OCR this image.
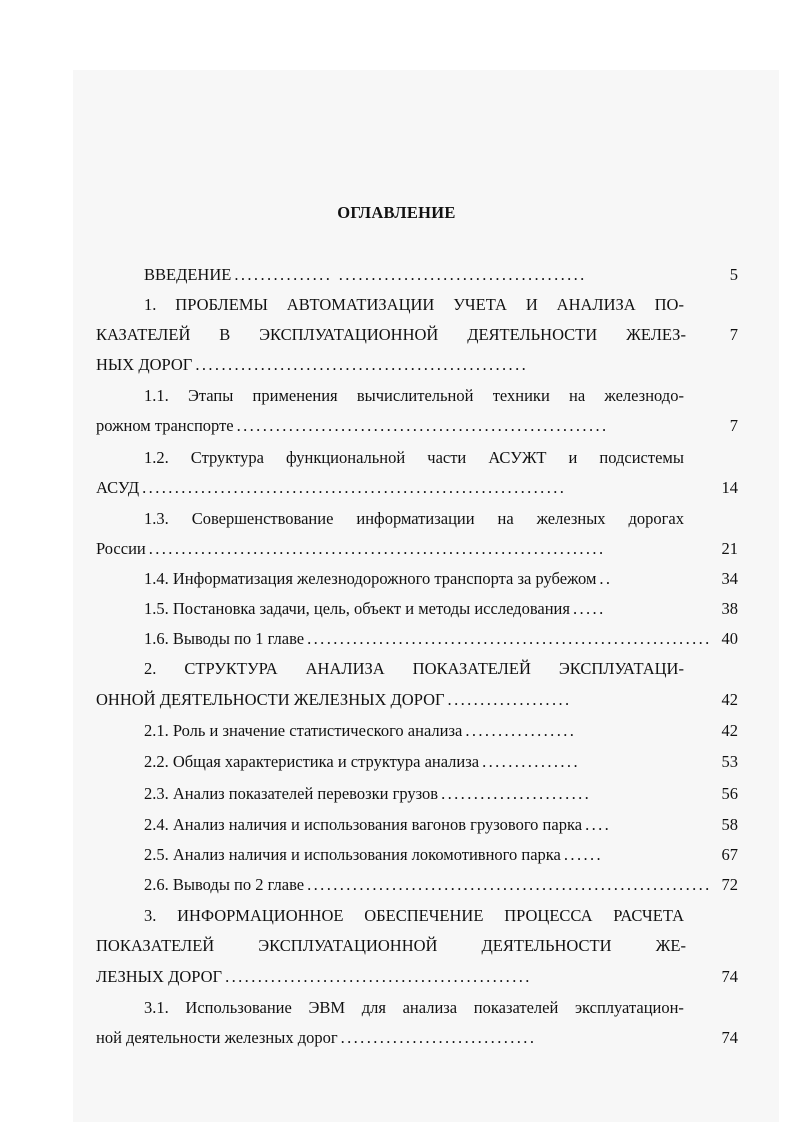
ОГЛАВЛЕНИЕ
ВВЕДЕНИЕ ............... ......................................	5
1. ПРОБЛЕМЫ АВТОМАТИЗАЦИИ УЧЕТА И АНАЛИЗА ПО-
КАЗАТЕЛЕЙ В ЭКСПЛУАТАЦИОННОЙ ДЕЯТЕЛЬНОСТИ ЖЕЛЕЗ-	7
НЫХ ДОРОГ ...................................................
1.1. Этапы применения вычислительной техники на железнодо-
рожном транспорте .........................................................	7
1.2. Структура функциональной части АСУЖТ и подсистемы
АСУД .................................................................	14
1.3. Совершенствование информатизации на железных дорогах
России ......................................................................	21
1.4. Информатизация железнодорожного транспорта за рубежом ..	34
1.5. Постановка задачи, цель, объект и методы исследования .....	38
1.6. Выводы по 1 главе .............................................................. 40
2. СТРУКТУРА АНАЛИЗА ПОКАЗАТЕЛЕЙ ЭКСПЛУАТАЦИ-
ОННОЙ ДЕЯТЕЛЬНОСТИ ЖЕЛЕЗНЫХ ДОРОГ ...................	42
2.1. Роль и значение статистического анализа .................	42
2.2. Общая характеристика и структура анализа ...............	53
2.3. Анализ показателей перевозки грузов .......................	56
2.4. Анализ наличия и использования вагонов грузового парка ....	58
2.5. Анализ наличия и использования локомотивного парка ......	67
2.6. Выводы по 2 главе .............................................................. 72
3. ИНФОРМАЦИОННОЕ ОБЕСПЕЧЕНИЕ ПРОЦЕССА РАСЧЕТА
ПОКАЗАТЕЛЕЙ	ЭКСПЛУАТАЦИОННОЙ	ДЕЯТЕЛЬНОСТИ	ЖЕ-
ЛЕЗНЫХ ДОРОГ ...............................................	74
3.1. Использование ЭВМ для анализа показателей эксплуатацион-
ной деятельности железных дорог ..............................	74
